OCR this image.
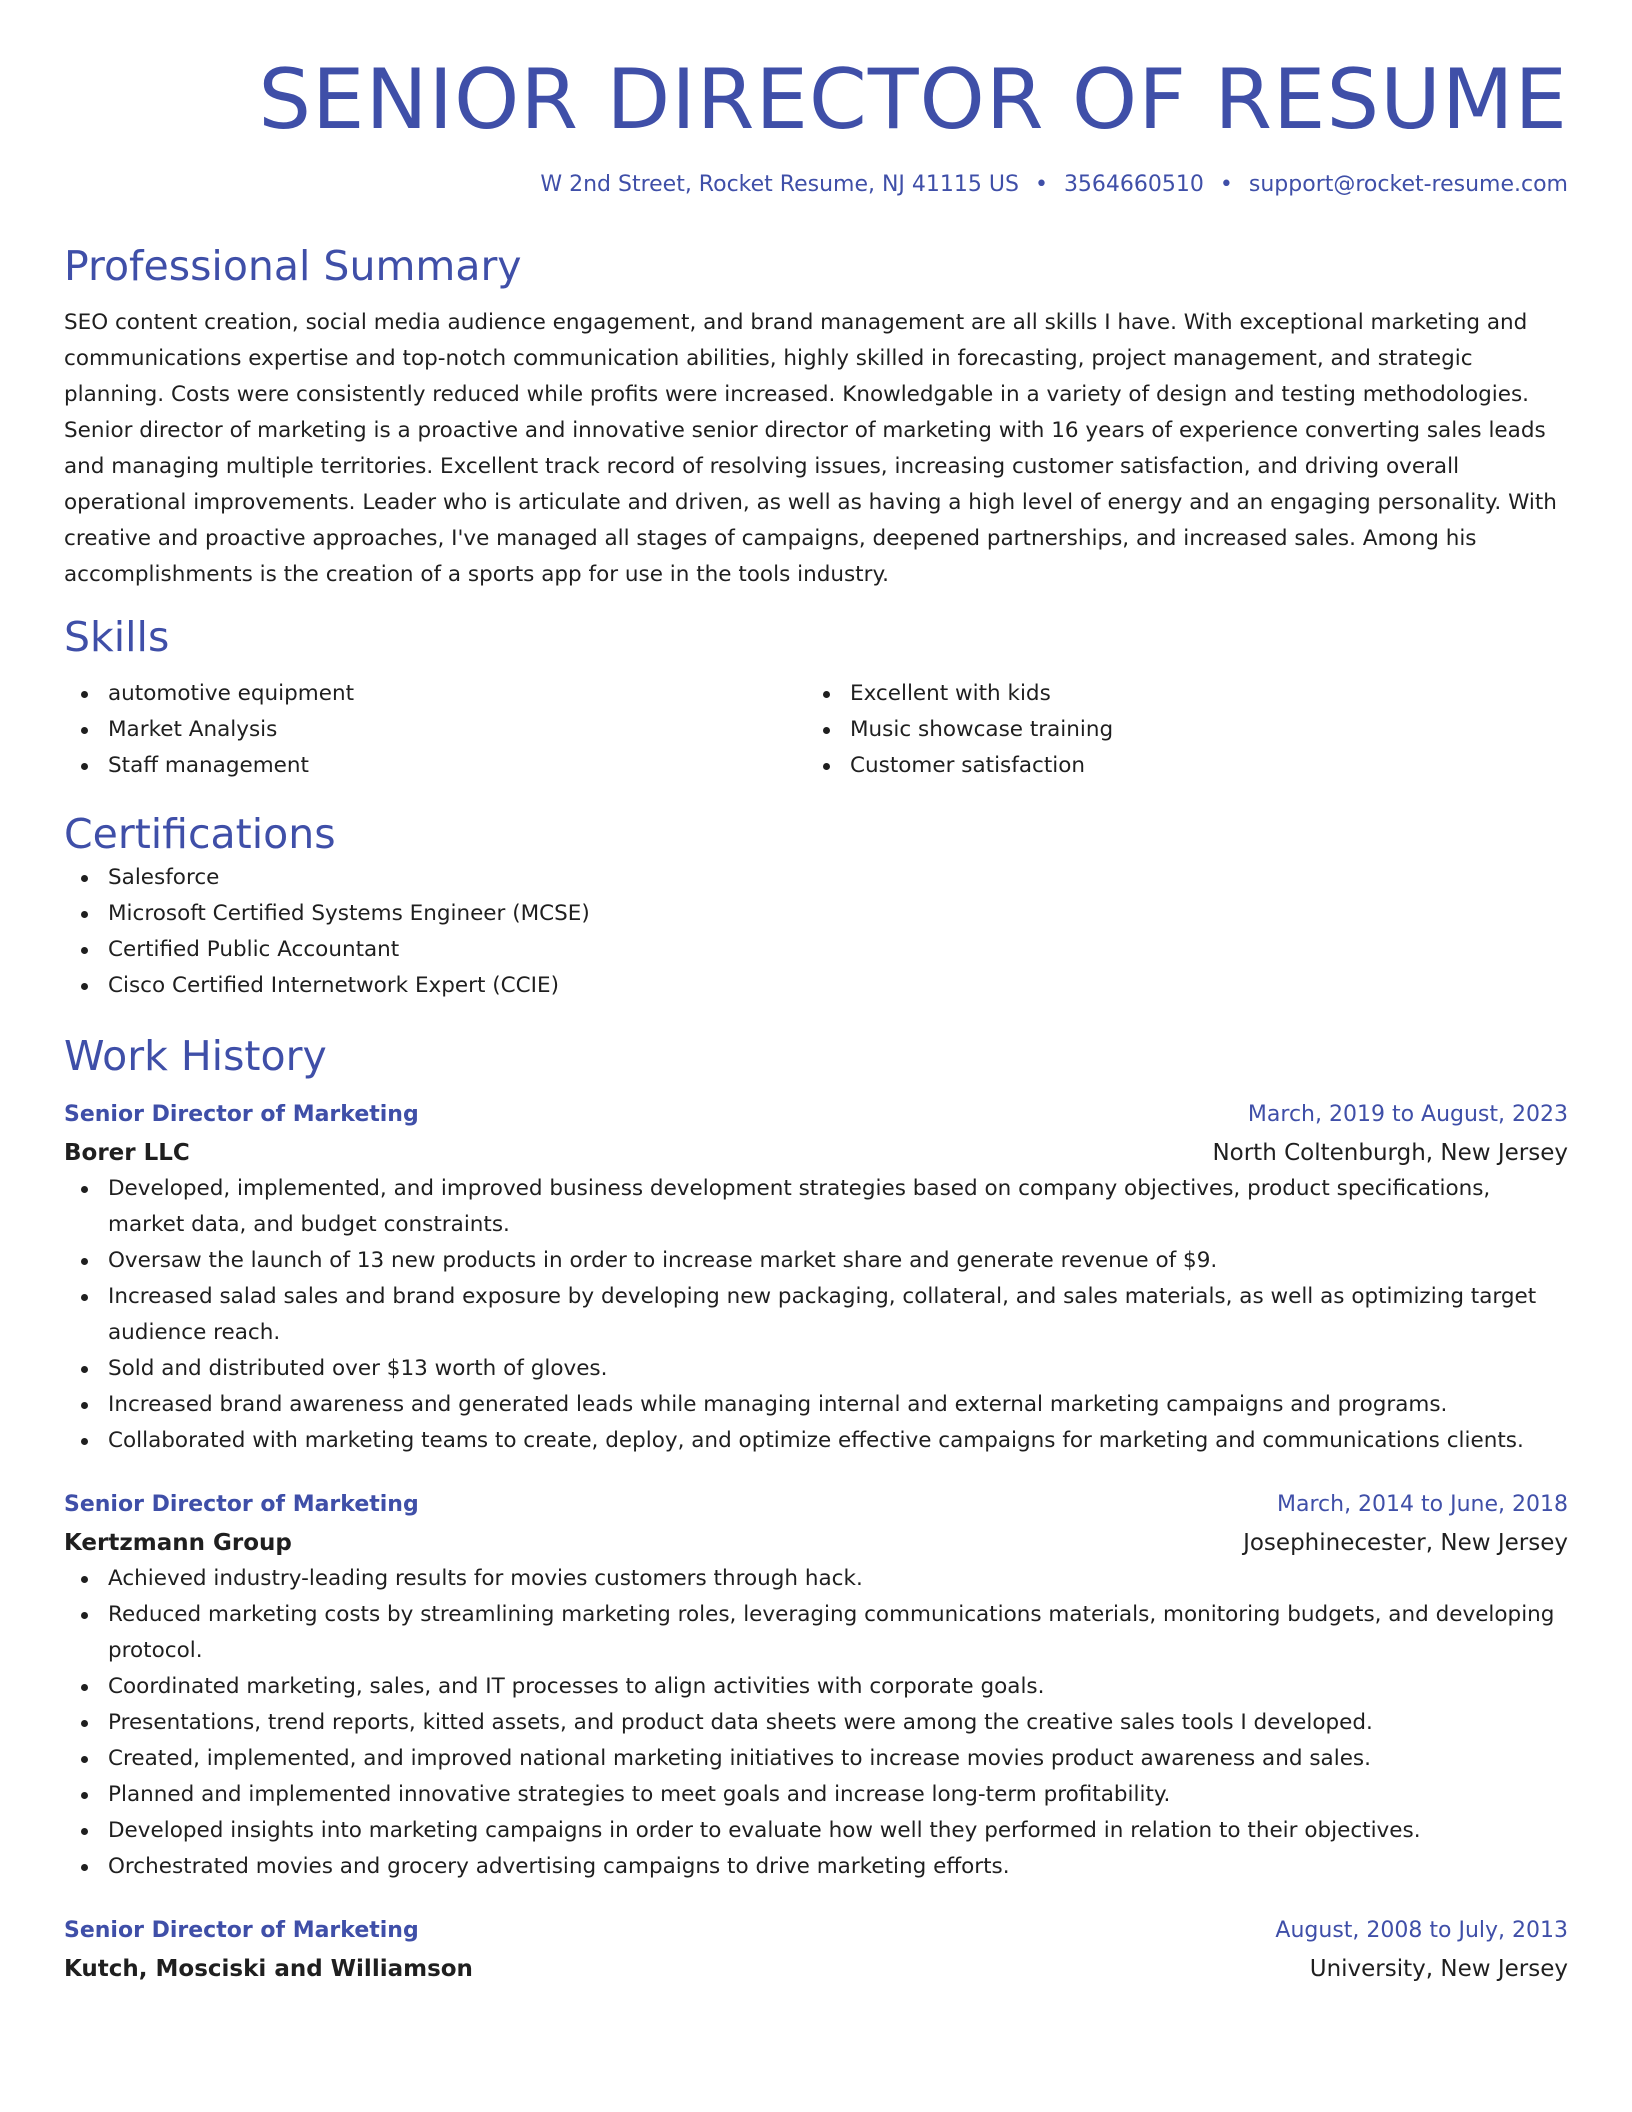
SENIOR DIRECTOR OF RESUME
W 2nd Street, Rocket Resume, NJ 41115 US • 3564660510 • support@rocket-resume.com
Professional Summary
SEO content creation, social media audience engagement, and brand management are all skills I have. With exceptional marketing and communications expertise and top-notch communication abilities, highly skilled in forecasting, project management, and strategic planning. Costs were consistently reduced while profits were increased. Knowledgable in a variety of design and testing methodologies. Senior director of marketing is a proactive and innovative senior director of marketing with 16 years of experience converting sales leads and managing multiple territories. Excellent track record of resolving issues, increasing customer satisfaction, and driving overall operational improvements. Leader who is articulate and driven, as well as having a high level of energy and an engaging personality. With creative and proactive approaches, I've managed all stages of campaigns, deepened partnerships, and increased sales. Among his accomplishments is the creation of a sports app for use in the tools industry.
Skills
automotive equipment
Market Analysis
Staff management
Excellent with kids
Music showcase training
Customer satisfaction
Certifications
Salesforce
Microsoft Certified Systems Engineer (MCSE)
Certified Public Accountant
Cisco Certified Internetwork Expert (CCIE)
Work History
Senior Director of Marketing	March, 2019 to August, 2023
Borer LLC	North Coltenburgh, New Jersey
Developed, implemented, and improved business development strategies based on company objectives, product specifications, market data, and budget constraints.
Oversaw the launch of 13 new products in order to increase market share and generate revenue of $9.
Increased salad sales and brand exposure by developing new packaging, collateral, and sales materials, as well as optimizing target audience reach.
Sold and distributed over $13 worth of gloves.
Increased brand awareness and generated leads while managing internal and external marketing campaigns and programs.
Collaborated with marketing teams to create, deploy, and optimize effective campaigns for marketing and communications clients.
Senior Director of Marketing	March, 2014 to June, 2018
Kertzmann Group	Josephinecester, New Jersey
Achieved industry-leading results for movies customers through hack.
Reduced marketing costs by streamlining marketing roles, leveraging communications materials, monitoring budgets, and developing protocol.
Coordinated marketing, sales, and IT processes to align activities with corporate goals.
Presentations, trend reports, kitted assets, and product data sheets were among the creative sales tools I developed.
Created, implemented, and improved national marketing initiatives to increase movies product awareness and sales.
Planned and implemented innovative strategies to meet goals and increase long-term profitability.
Developed insights into marketing campaigns in order to evaluate how well they performed in relation to their objectives.
Orchestrated movies and grocery advertising campaigns to drive marketing efforts.
Senior Director of Marketing	August, 2008 to July, 2013
Kutch, Mosciski and Williamson	University, New Jersey
